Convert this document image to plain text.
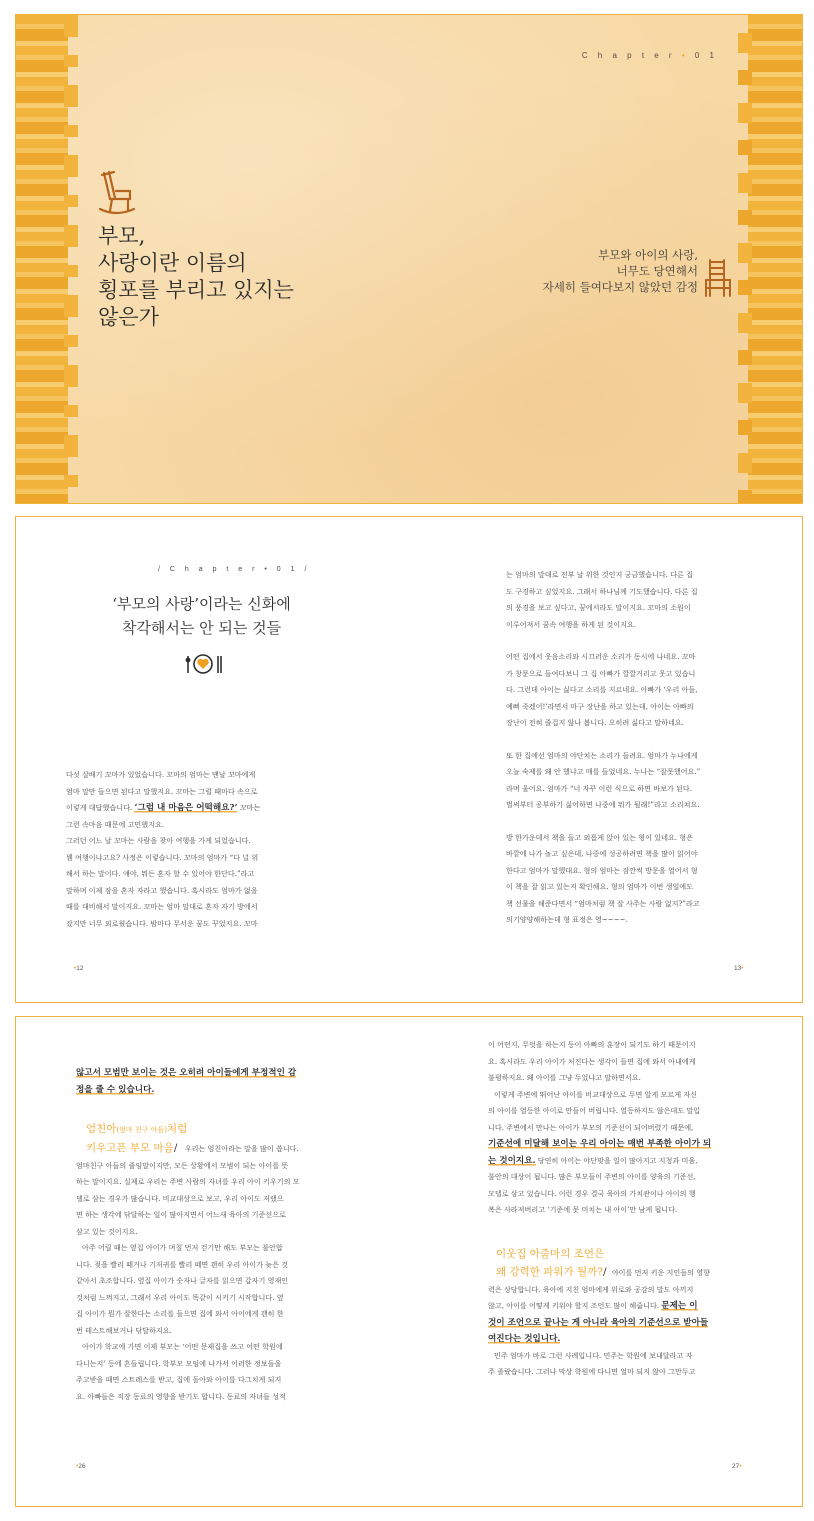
C h a p t e r • 0 1
부모,
사랑이란 이름의
횡포를 부리고 있지는
않은가
부모와 아이의 사랑,
너무도 당연해서
자세히 들여다보지 않았던 감정
/ C h a p t e r • 0 1 /
‘부모의 사랑’이라는 신화에
착각해서는 안 되는 것들

다섯 살배기 꼬마가 있었습니다. 꼬마의 엄마는 맨날 꼬마에게

엄마 말만 들으면 된다고 말했지요. 꼬마는 그럴 때마다 속으로

이렇게 대답했습니다. ‘그럼 내 마음은 어떡해요?’ 꼬마는

그런 속마음 때문에 고민했지요.

그러던 어느 날 꼬마는 사람을 찾아 여행을 가게 되었습니다.

웬 여행이냐고요? 사정은 이렇습니다. 꼬마의 엄마가 “다 널 위

해서 하는 말이다. 얘야, 뭐든 혼자 할 수 있어야 한단다.”라고

말하며 이제 잠을 혼자 자라고 했습니다. 혹시라도 엄마가 없을

때를 대비해서 말이지요. 꼬마는 엄마 말대로 혼자 자기 방에서

잤지만 너무 외로웠습니다. 밤마다 무서운 꿈도 꾸었지요. 꼬마

•12

는 엄마의 말대로 전부 날 위한 것인지 궁금했습니다. 다른 집

도 구경하고 싶었지요. 그래서 하나님께 기도했습니다. 다른 집

의 풍경을 보고 싶다고, 꿈에서라도 말이지요. 꼬마의 소원이

이루어져서 꿈속 여행을 하게 된 것이지요.

어떤 집에서 웃음소리와 시끄러운 소리가 동시에 나네요. 꼬마

가 창문으로 들여다보니 그 집 아빠가 깔깔거리고 웃고 있습니

다. 그런데 아이는 싫다고 소리를 지르네요. 아빠가 ‘우리 아들,

예뻐 죽겠어!’라면서 마구 장난을 하고 있는데, 아이는 아빠의

장난이 전혀 즐겁지 않나 봅니다. 오히려 싫다고 말하네요.

또 한 집에선 엄마의 야단치는 소리가 들려요. 엄마가 누나에게

오늘 숙제를 왜 안 했냐고 매를 들었네요. 누나는 “잘못했어요.”

라며 울어요. 엄마가 “너 자꾸 이런 식으로 하면 바보가 된다.

벌써부터 공부하기 싫어하면 나중에 뭐가 될래!”라고 소리쳐요.

방 한가운데서 책을 들고 외롭게 앉아 있는 형이 있네요. 형은

바깥에 나가 놀고 싶은데, 나중에 성공하려면 책을 많이 읽어야

한다고 엄마가 말했대요. 형의 엄마는 잠깐씩 방문을 열어서 형

이 책을 잘 읽고 있는지 확인해요. 형의 엄마가 이번 생일에도

책 선물을 해준다면서 “엄마처럼 책 잘 사주는 사람 없지?”라고

의기양양해하는데 형 표정은 영~~~~.

13•

않고서 모범만 보이는 것은 오히려 아이들에게 부정적인 감

정을 줄 수 있습니다.

엄친아(엄마 친구 아들)처럼
키우고픈 부모 마음/ 우리는 엄친아라는 말을 많이 씁니다.

엄마친구 아들의 줄임말이지만, 모든 상황에서 모범이 되는 아이를 뜻

하는 말이지요. 실제로 우리는 주변 사람의 자녀를 우리 아이 키우기의 모

델로 삼는 경우가 많습니다. 비교대상으로 보고, 우리 아이도 저랬으

면 하는 생각에 닦달하는 일이 많아지면서 어느새 육아의 기준선으로

삼고 있는 것이지요.

아주 어릴 때는 옆집 아이가 며칠 먼저 걷기만 해도 부모는 불안합

니다. 젖을 빨리 떼거나 기저귀를 빨리 떼면 괜히 우리 아이가 늦은 것

같아서 초조합니다. 옆집 아이가 숫자나 글자를 읽으면 갑자기 영재인

것처럼 느껴지고, 그래서 우리 아이도 똑같이 시키기 시작합니다. 옆

집 아이가 뭔가 잘한다는 소리를 들으면 집에 와서 아이에게 괜히 한

번 테스트해보거나 닦달하지요.

아이가 학교에 가면 이제 부모는 ‘어떤 문제집을 쓰고 어떤 학원에

다니는지’ 등에 흔들립니다. 학부모 모임에 나가서 이러한 정보들을

주고받을 때면 스트레스를 받고, 집에 돌아와 아이를 다그치게 되지

요. 아빠들은 직장 동료의 영향을 받기도 합니다. 동료의 자녀들 성적

•26

이 어떤지, 무엇을 하는지 등이 아빠의 훈장이 되기도 하기 때문이지

요. 혹시라도 우리 아이가 처진다는 생각이 들면 집에 와서 아내에게

불평하지요. 왜 아이를 그냥 두었냐고 말하면서요.

이렇게 주변에 뛰어난 아이를 비교대상으로 두면 알게 모르게 자신

의 아이를 열등한 아이로 만들어 버립니다. 열등하지도 않은데도 말입

니다. 주변에서 만나는 아이가 부모의 기준선이 되어버렸기 때문에,

기준선에 미달해 보이는 우리 아이는 매번 부족한 아이가 되

는 것이지요. 당연히 아이는 야단맞을 일이 많아지고 지청과 미움,

불안의 대상이 됩니다. 많은 부모들이 주변의 아이를 양육의 기준선,

모델로 삼고 있습니다. 이런 경우 결국 육아의 가치관이나 아이의 행

복은 사라져버리고 ‘기준에 못 미치는 내 아이’만 남게 됩니다.

이웃집 아줌마의 조언은
왜 강력한 파워가 될까?/ 아이를 먼저 키운 지인들의 영향

력은 상당합니다. 육아에 지친 엄마에게 위로와 공감의 말도 아끼지

않고, 아이를 어떻게 키워야 할지 조언도 많이 해줍니다. 문제는 이

것이 조언으로 끝나는 게 아니라 육아의 기준선으로 받아들

여진다는 것입니다.

민주 엄마가 바로 그런 사례입니다. 민주는 학원에 보내달라고 자

주 졸랐습니다. 그러나 막상 학원에 다니면 얼마 되지 않아 그만두고

27•
